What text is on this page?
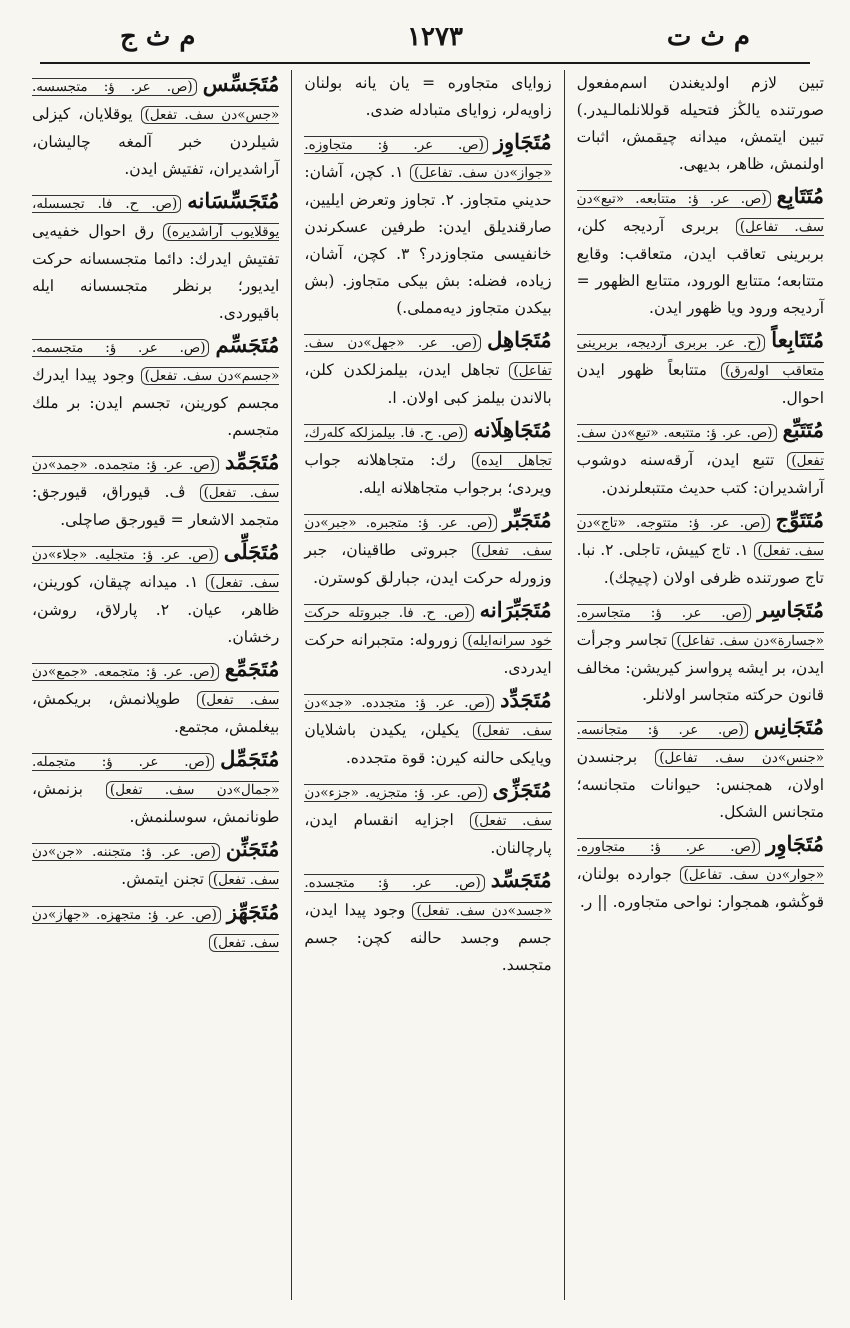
م ث ت
۱۲۷۳
م ث ج
تبين لازم اولديغندن اسم‌مفعول صورتنده يالڭز فتحيله قوللانلمالـيدر.) تبين ايتمش، ميدانه چيقمش، اثبات اولنمش، ظاهر، بديهى.
مُتَتَابِع(ص. عر. ؤ: متتابعه. «تبع»دن سف. تفاعل) بربرى آرديجه كلن، بربرينى تعاقب ايدن، متعاقب: وقايع متتابعه؛ متتابع الورود، متتابع الظهور = آرديجه ورود ويا ظهور ايدن.
مُتَتَابِعاً(ح. عر. بربرى آرديجه، بربرينى متعاقب اوله‌رق) متتابعاً ظهور ايدن احوال.
مُتَتَبِّع(ص. عر. ؤ: متتبعه. «تبع»دن سف. تفعل) تتبع ايدن، آرقه‌سنه دوشوب آراشديران: كتب حديث متتبعلرندن.
مُتَتَوِّج(ص. عر. ؤ: متتوجه. «تاج»دن سف. تفعل) ١. تاج كييش، تاجلى. ٢. نبا. تاج صورتنده ظرفى اولان (چيچك).
مُتَجَاسِر(ص. عر. ؤ: متجاسره. «جسارة»دن سف. تفاعل) تجاسر وجرأت ايدن، بر ايشه پرواسز كيريشن: مخالف قانون حركته متجاسر اولانلر.
مُتَجَانِس(ص. عر. ؤ: متجانسه. «جنس»دن سف. تفاعل) برجنسدن اولان، همجنس: حيوانات متجانسه؛ متجانس الشكل.
مُتَجَاوِر(ص. عر. ؤ: متجاوره. «جوار»دن سف. تفاعل) جوارده بولنان، قوڭشو، همجوار: نواحى متجاوره. || ر.
زواياى متجاوره = يان يانه بولنان زاويه‌لر، زواياى متبادله ضدى.
مُتَجَاوِز(ص. عر. ؤ: متجاوزه. «جواز»دن سف. تفاعل) ١. كچن، آشان: حديني متجاوز. ٢. تجاوز وتعرض ايليين، صارقنديلق ايدن: طرفين عسكرندن خانفيسى متجاوزدر؟ ٣. كچن، آشان، زياده، فضله: بش بيكى متجاوز. (بش بيكدن متجاوز ديه‌مملى.)
مُتَجَاهِل(ص. عر. «جهل»دن سف. تفاعل) تجاهل ايدن، بيلمزلكدن كلن، بالاندن بيلمز كبى اولان. ا.
مُتَجَاهِلَانه(ص. ح. فا. بيلمزلكه كله‌رك، تجاهل ايده‌) رك: متجاهلانه جواب ويردى؛ برجواب متجاهلانه ايله.
مُتَجَبِّر(ص. عر. ؤ: متجبره. «جبر»دن سف. تفعل) جبروتى طاقينان، جبر وزورله حركت ايدن، جبارلق كوسترن.
مُتَجَبِّرَانه(ص. ح. فا. جبروتله حركت خود سرانه‌ايله) زوروله: متجبرانه حركت ايدردى.
مُتَجَدِّد(ص. عر. ؤ: متجدده. «جد»دن سف. تفعل) يكيلن، يكيدن باشلايان ويايكى حالنه كيرن: قوة متجدده.
مُتَجَزِّى(ص. عر. ؤ: متجزيه. «جزء»دن سف. تفعل) اجزايه انقسام ايدن، پارچالنان.
مُتَجَسِّد(ص. عر. ؤ: متجسده. «جسد»دن سف. تفعل) وجود پيدا ايدن، جسم وجسد حالنه كچن: جسم متجسد.
مُتَجَسِّس(ص. عر. ؤ: متجسسه. «جس»دن سف. تفعل) يوقلايان، كيزلى شيلردن خبر آلمغه چاليشان، آراشديران، تفتيش ايدن.
مُتَجَسِّسَانه(ص. ح. فا. تجسسله، يوقلايوب آراشديره‌) رق احوال خفيه‌يى تفتيش ايدرك: دائما متجسسانه حركت ايديور؛ برنظر متجسسانه ايله باقيوردى.
مُتَجَسِّم(ص. عر. ؤ: متجسمه. «جسم»دن سف. تفعل) وجود پيدا ايدرك مجسم كورينن، تجسم ايدن: بر ملك متجسم.
مُتَجَمِّد(ص. عر. ؤ: متجمده. «جمد»دن سف. تفعل) ڤ. قيوراق، قيورجق: متجمد الاشعار = قيورجق صاچلى.
مُتَجَلِّى(ص. عر. ؤ: متجليه. «جلاء»دن سف. تفعل) ١. ميدانه چيقان، كورينن، ظاهر، عيان. ٢. پارلاق، روشن، رخشان.
مُتَجَمِّع(ص. عر. ؤ: متجمعه. «جمع»دن سف. تفعل) طوپلانمش، بريكمش، بيغلمش، مجتمع.
مُتَجَمِّل(ص. عر. ؤ: متجمله. «جمال»دن سف. تفعل) بزنمش، طونانمش، سوسلنمش.
مُتَجَنِّن(ص. عر. ؤ: متجننه. «جن»دن سف. تفعل) تجنن ايتمش.
مُتَجَهِّز(ص. عر. ؤ: متجهزه. «جهاز»دن سف. تفعل)
